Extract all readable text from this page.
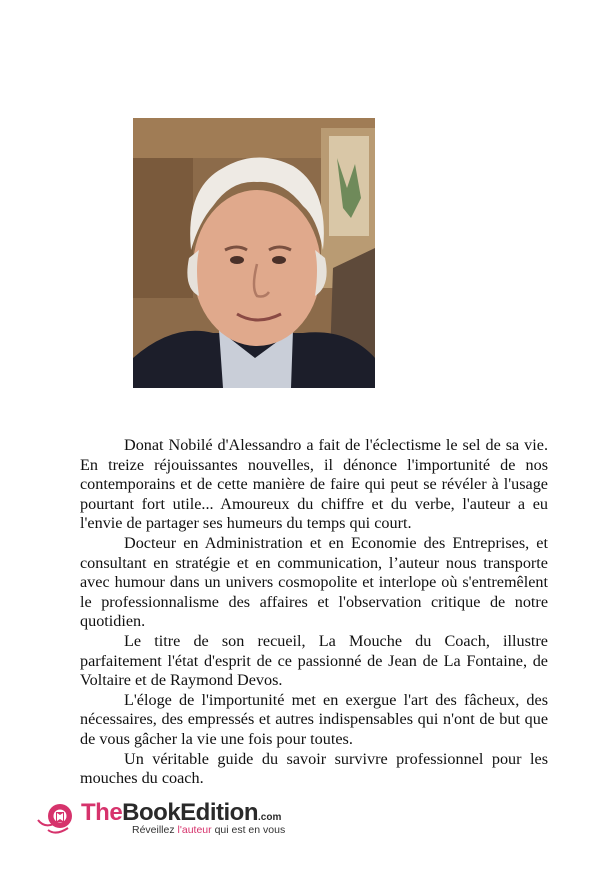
Donat Nobilé d'Alessandro a fait de l'éclectisme le sel de sa vie. En treize réjouissantes nouvelles, il dénonce l'importunité de nos contemporains et de cette manière de faire qui peut se révéler à l'usage pourtant fort utile... Amoureux du chiffre et du verbe, l'auteur a eu l'envie de partager ses humeurs du temps qui court.

Docteur en Administration et en Economie des Entreprises, et consultant en stratégie et en communication, l’auteur nous transporte avec humour dans un univers cosmopolite et interlope où s'entremêlent le professionnalisme des affaires et l'observation critique de notre quotidien.

Le titre de son recueil, La Mouche du Coach, illustre parfaitement l'état d'esprit de ce passionné de Jean de La Fontaine, de Voltaire et de Raymond Devos.

L'éloge de l'importunité met en exergue l'art des fâcheux, des nécessaires, des empressés et autres indispensables qui n'ont de but que de vous gâcher la vie une fois pour toutes.

Un véritable guide du savoir survivre professionnel pour les mouches du coach.

TheBookEdition.com
Réveillez l'auteur qui est en vous
